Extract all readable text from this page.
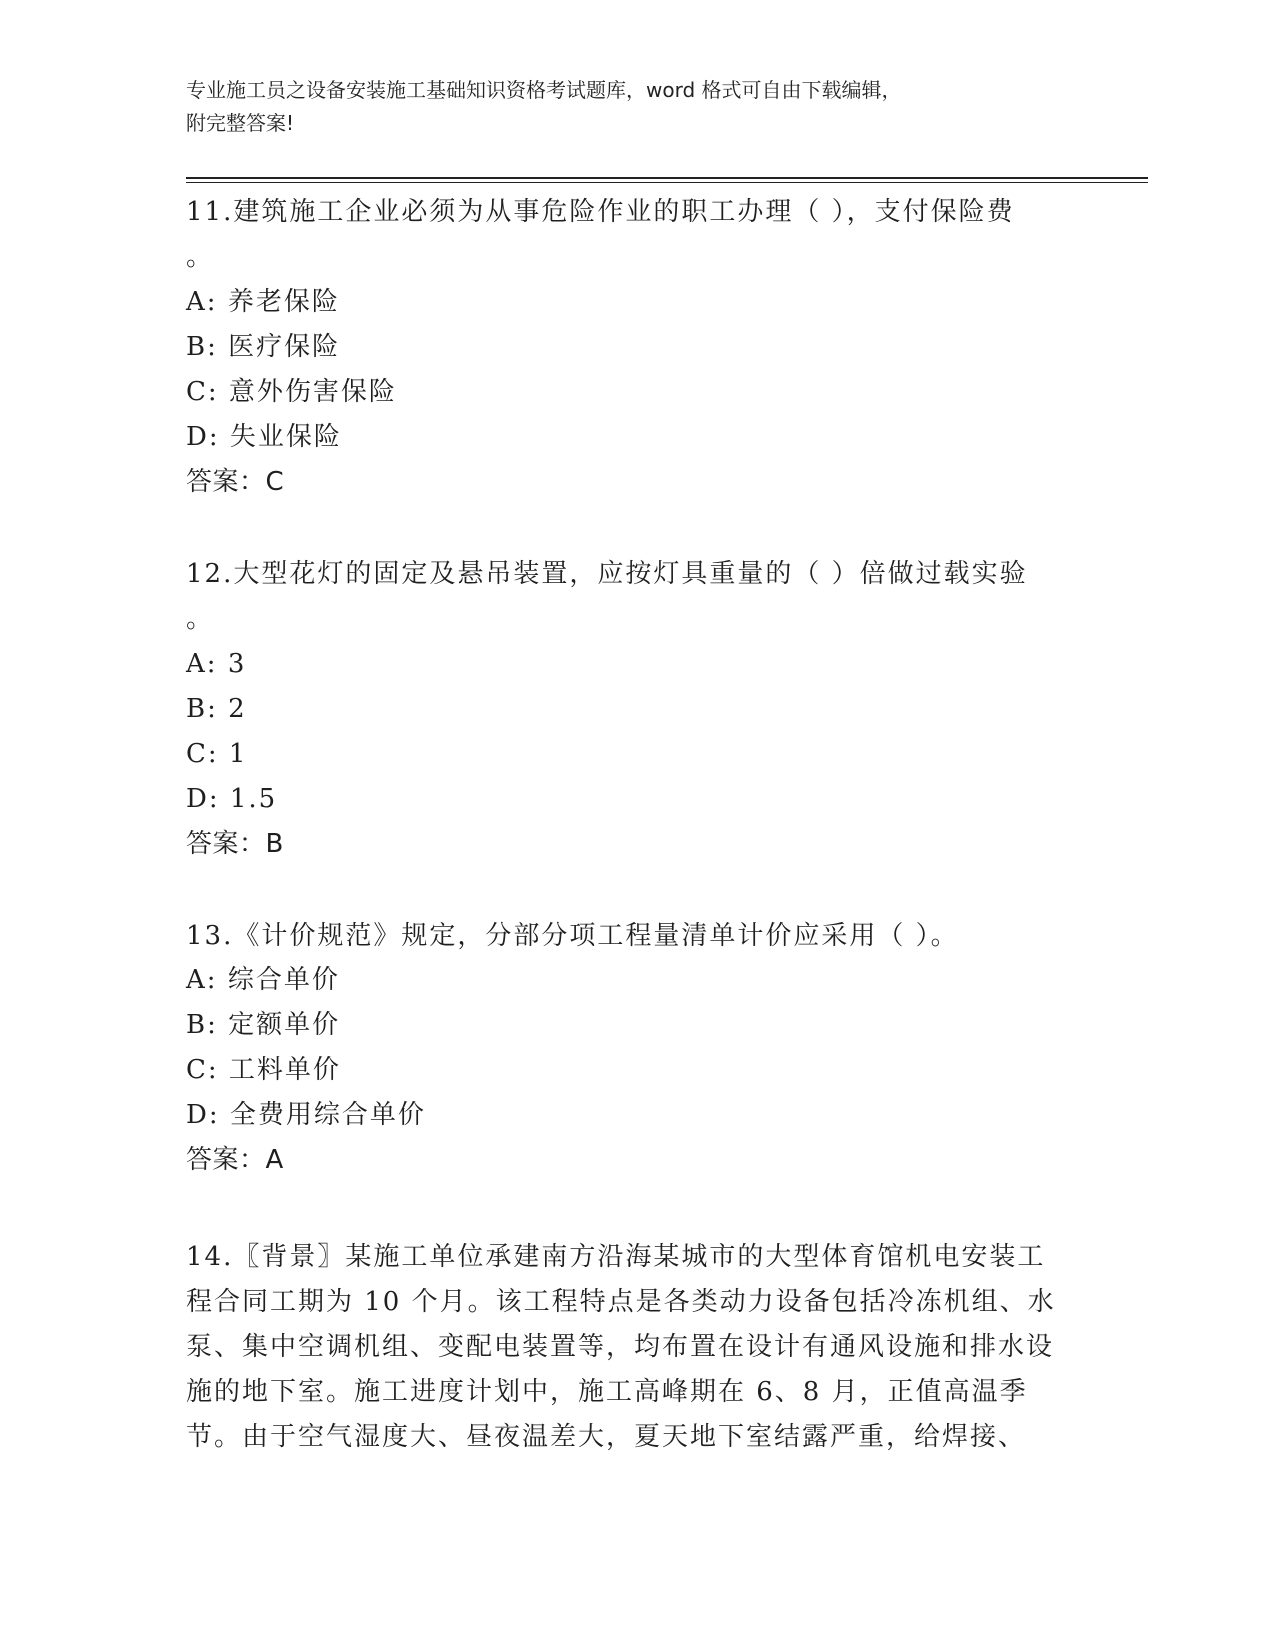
专业施工员之设备安装施工基础知识资格考试题库，word 格式可自由下载编辑，
附完整答案!
11.建筑施工企业必须为从事危险作业的职工办理（ ），支付保险费
。
A: 养老保险
B: 医疗保险
C: 意外伤害保险
D: 失业保险
答案：C
12.大型花灯的固定及悬吊装置，应按灯具重量的（ ）倍做过载实验
。
A: 3
B: 2
C: 1
D: 1.5
答案：B
13.《计价规范》规定，分部分项工程量清单计价应采用（ ）。
A: 综合单价
B: 定额单价
C: 工料单价
D: 全费用综合单价
答案：A
14.〖背景〗某施工单位承建南方沿海某城市的大型体育馆机电安装工程合同工期为 10 个月。该工程特点是各类动力设备包括冷冻机组、水泵、集中空调机组、变配电装置等，均布置在设计有通风设施和排水设施的地下室。施工进度计划中，施工高峰期在 6、8 月，正值高温季节。由于空气湿度大、昼夜温差大，夏天地下室结露严重，给焊接、
